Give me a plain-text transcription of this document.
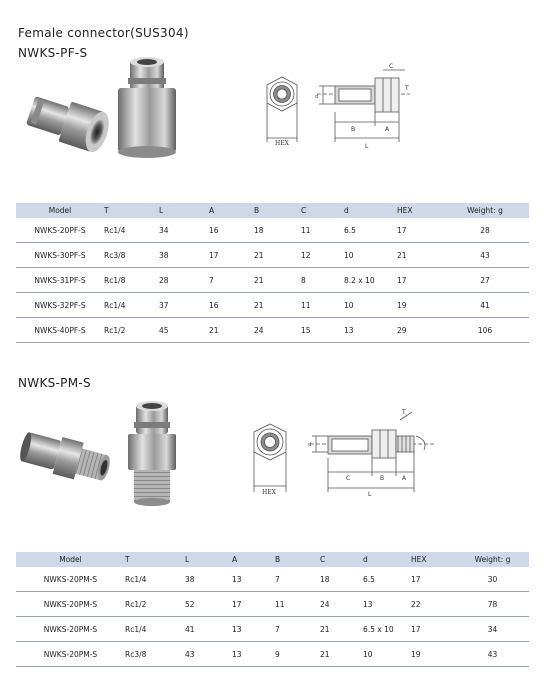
Female connector(SUS304)
NWKS-PF-S
C
T
d
HEX
B	A
L
Model	T	L	A	B	C	d	HEX	Weight: g
NWKS-20PF-S	Rc1/4	34	16	18	11	6.5	17	28
NWKS-30PF-S	Rc3/8	38	17	21	12	10	21	43
NWKS-31PF-S	Rc1/8	28	7	21	8	8.2 x 10	17	27
NWKS-32PF-S	Rc1/4	37	16	21	11	10	19	41
NWKS-40PF-S	Rc1/2	45	21	24	15	13	29	106
NWKS-PM-S
T
d
HEX
C	B	A
L
Model	T	L	A	B	C	d	HEX	Weight: g
NWKS-20PM-S	Rc1/4	38	13	7	18	6.5	17	30
NWKS-20PM-S	Rc1/2	52	17	11	24	13	22	78
NWKS-20PM-S	Rc1/4	41	13	7	21	6.5 x 10	17	34
NWKS-20PM-S	Rc3/8	43	13	9	21	10	19	43
